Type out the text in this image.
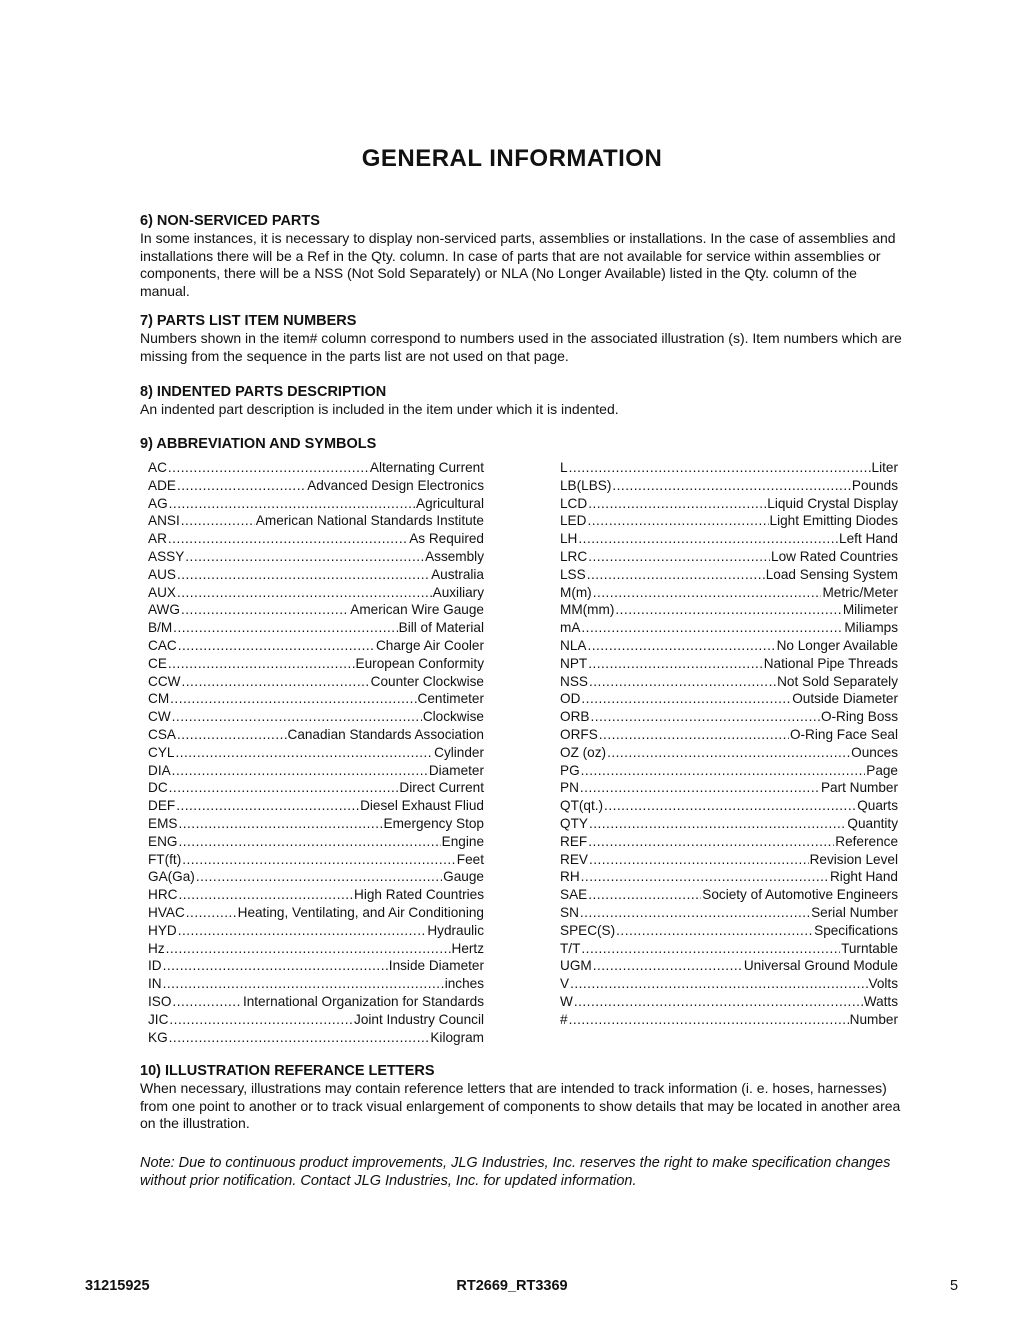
GENERAL INFORMATION
6) NON-SERVICED PARTS
In some instances, it is necessary to display non-serviced parts, assemblies or installations. In the case of assemblies and installations there will be a Ref in the Qty. column. In case of parts that are not available for service within assemblies or components, there will be a NSS (Not Sold Separately) or NLA (No Longer Available) listed in the Qty. column of the manual.
7) PARTS LIST ITEM NUMBERS
Numbers shown in the item# column correspond to numbers used in the associated illustration (s). Item numbers which are missing from the sequence in the parts list are not used on that page.
8) INDENTED PARTS DESCRIPTION
An indented part description is included in the item under which it is indented.
9) ABBREVIATION AND SYMBOLS
AC .....	Alternating Current
ADE .....	Advanced Design Electronics
AG .....	Agricultural
ANSI .....	American National Standards Institute
AR .....	As Required
ASSY .....	Assembly
AUS .....	Australia
AUX .....	Auxiliary
AWG .....	American Wire Gauge
B/M .....	Bill of Material
CAC .....	Charge Air Cooler
CE .....	European Conformity
CCW .....	Counter Clockwise
CM .....	Centimeter
CW .....	Clockwise
CSA .....	Canadian Standards Association
CYL .....	Cylinder
DIA .....	Diameter
DC .....	Direct Current
DEF .....	Diesel Exhaust Fliud
EMS .....	Emergency Stop
ENG .....	Engine
FT(ft) .....	Feet
GA(Ga) .....	Gauge
HRC .....	High Rated Countries
HVAC .....	Heating, Ventilating, and Air Conditioning
HYD .....	Hydraulic
Hz .....	Hertz
ID .....	Inside Diameter
IN .....	inches
ISO .....	International Organization for Standards
JIC .....	Joint Industry Council
KG .....	Kilogram
L .....	Liter
LB(LBS) .....	Pounds
LCD .....	Liquid Crystal Display
LED .....	Light Emitting Diodes
LH .....	Left Hand
LRC .....	Low Rated Countries
LSS .....	Load Sensing System
M(m) .....	Metric/Meter
MM(mm) .....	Milimeter
mA .....	Miliamps
NLA .....	No Longer Available
NPT .....	National Pipe Threads
NSS .....	Not Sold Separately
OD .....	Outside Diameter
ORB .....	O-Ring Boss
ORFS .....	O-Ring Face Seal
OZ (oz) .....	Ounces
PG .....	Page
PN .....	Part Number
QT(qt.) .....	Quarts
QTY .....	Quantity
REF .....	Reference
REV .....	Revision Level
RH .....	Right Hand
SAE .....	Society of Automotive Engineers
SN .....	Serial Number
SPEC(S) .....	Specifications
T/T .....	Turntable
UGM .....	Universal Ground Module
V .....	Volts
W .....	Watts
# .....	Number
10) ILLUSTRATION REFERANCE LETTERS
When necessary, illustrations may contain reference letters that are intended to track information (i. e. hoses, harnesses) from one point to another or to track visual enlargement of components to show details that may be located in another area on the illustration.
Note: Due to continuous product improvements, JLG Industries, Inc. reserves the right to make specification changes without prior notification. Contact JLG Industries, Inc. for updated information.
31215925	RT2669_RT3369	5
